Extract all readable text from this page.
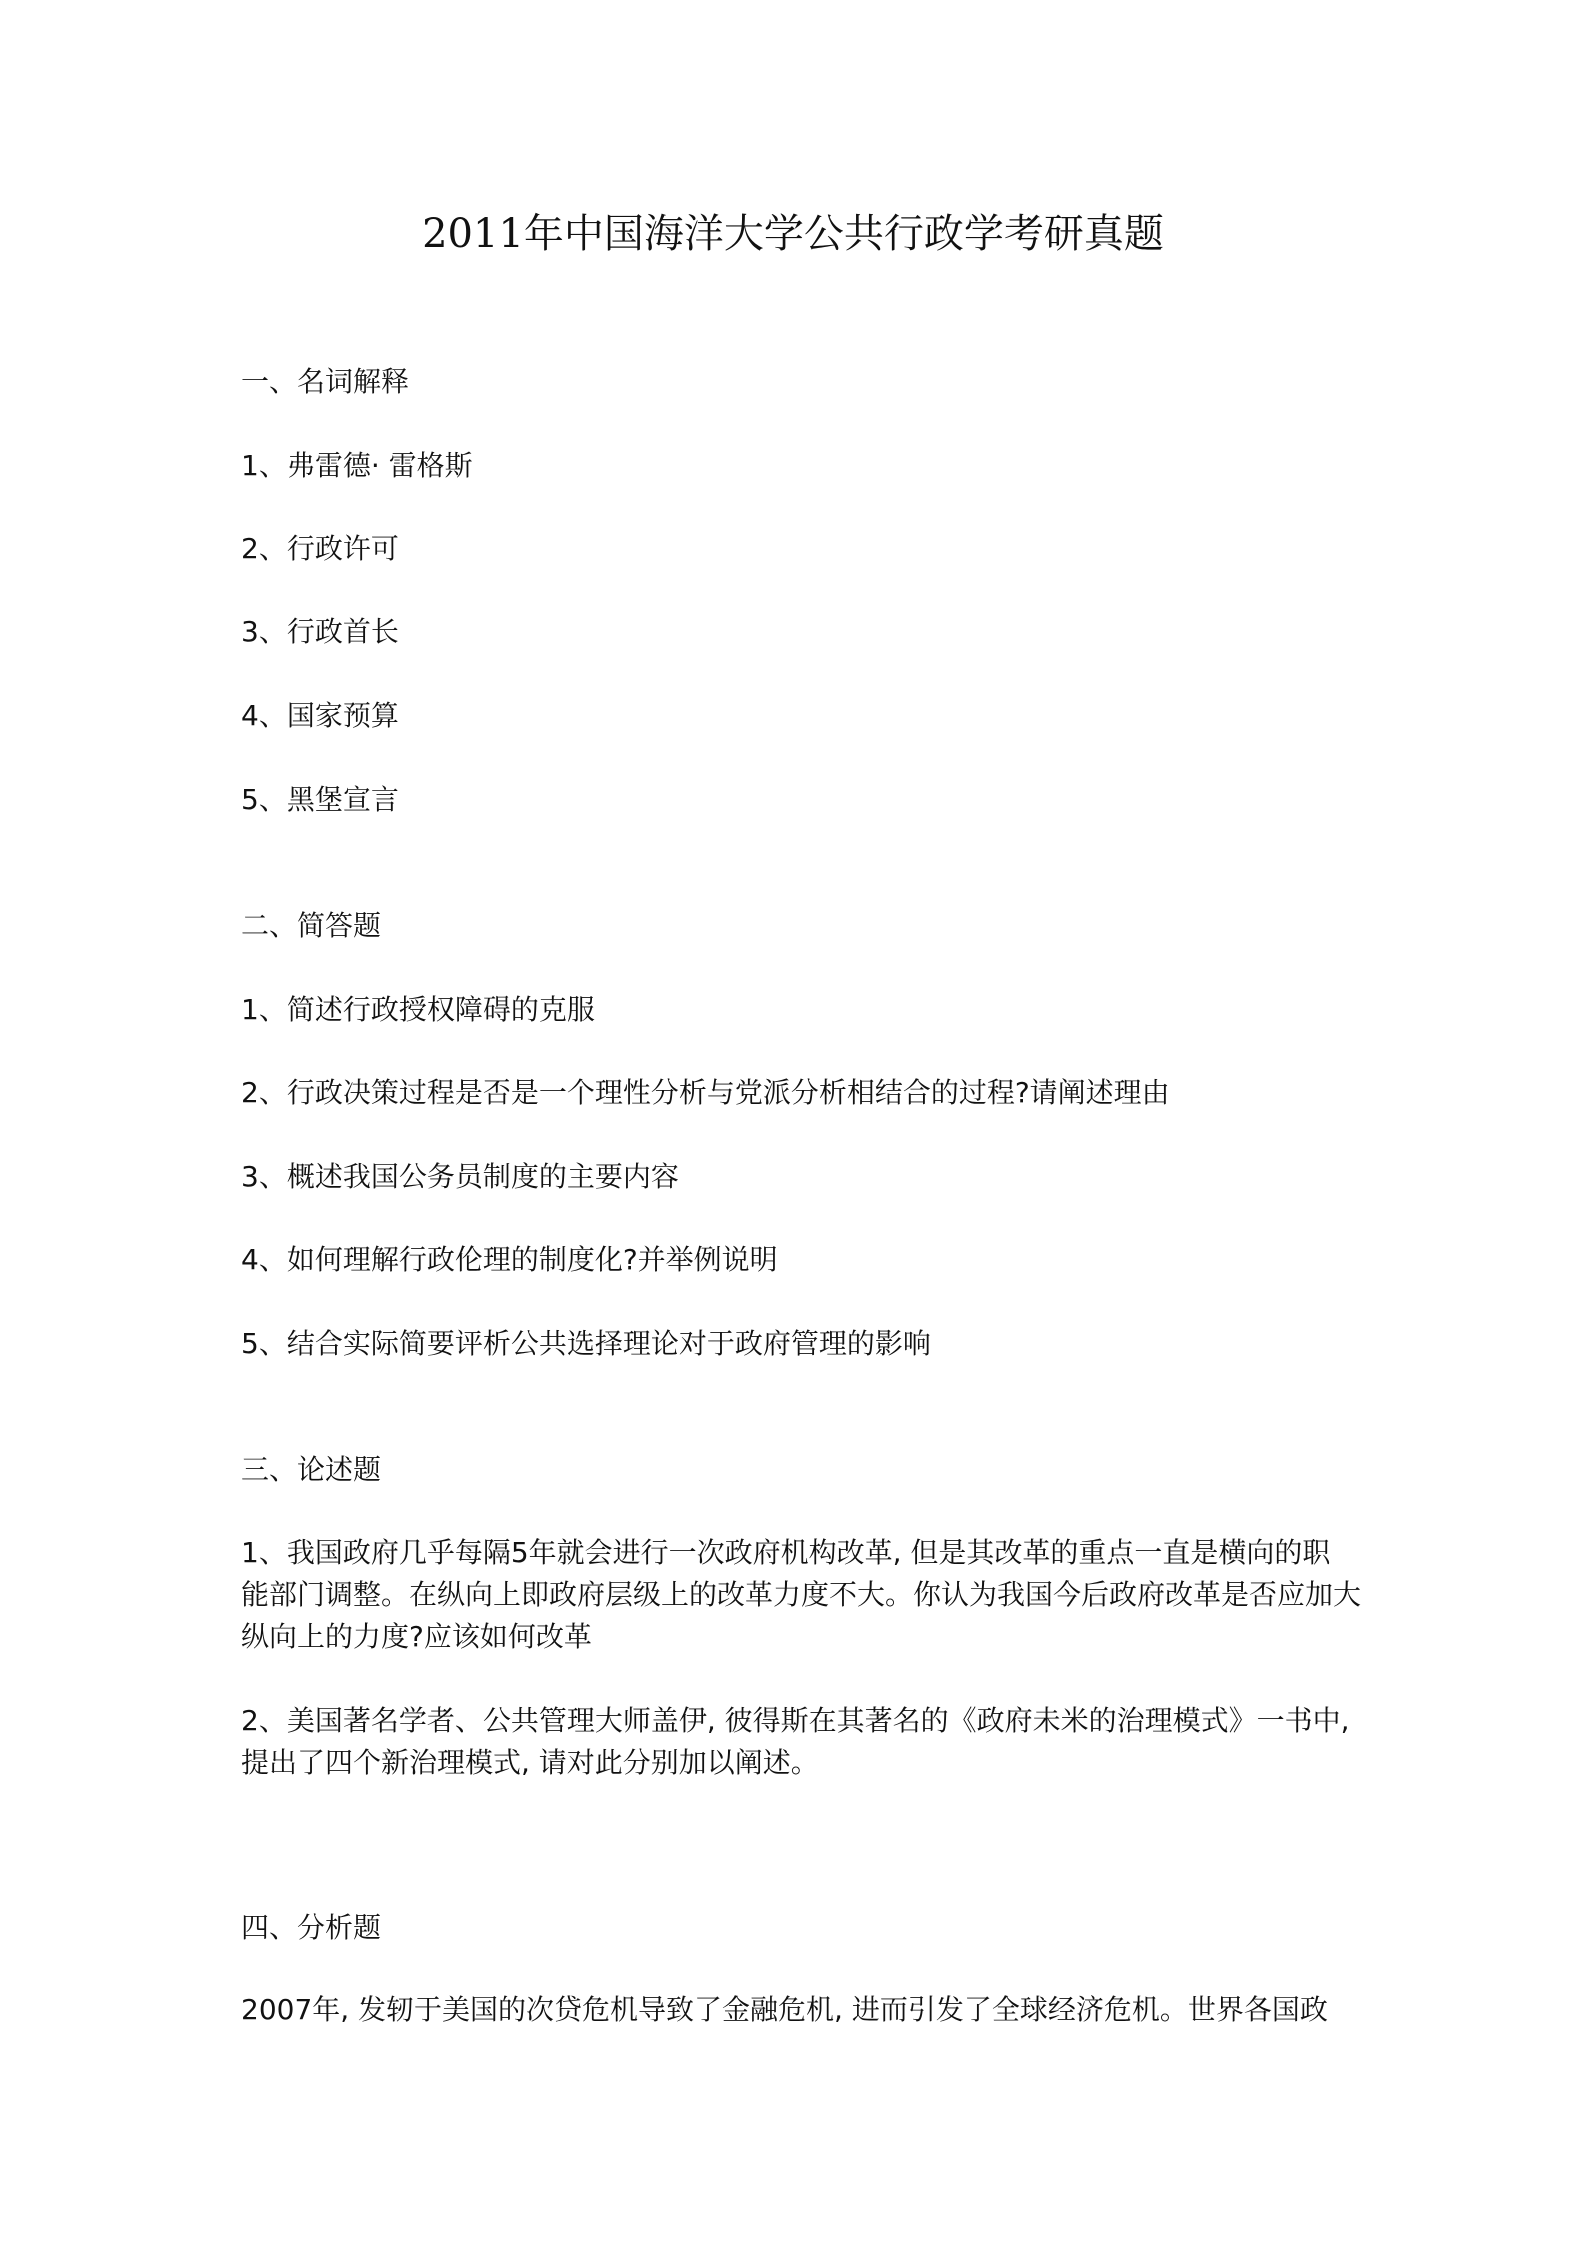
2011年中国海洋大学公共行政学考研真题
一、名词解释
1、弗雷德· 雷格斯
2、行政许可
3、行政首长
4、国家预算
5、黑堡宣言
二、简答题
1、简述行政授权障碍的克服
2、行政决策过程是否是一个理性分析与党派分析相结合的过程?请阐述理由
3、概述我国公务员制度的主要内容
4、如何理解行政伦理的制度化?并举例说明
5、结合实际简要评析公共选择理论对于政府管理的影响
三、论述题
1、我国政府几乎每隔5年就会进行一次政府机构改革, 但是其改革的重点一直是横向的职
能部门调整。在纵向上即政府层级上的改革力度不大。你认为我国今后政府改革是否应加大
纵向上的力度?应该如何改革
2、美国著名学者、公共管理大师盖伊, 彼得斯在其著名的《政府未米的治理模式》一书中,
提出了四个新治理模式, 请对此分别加以阐述。
四、分析题
2007年, 发轫于美国的次贷危机导致了金融危机, 进而引发了全球经济危机。世界各国政
